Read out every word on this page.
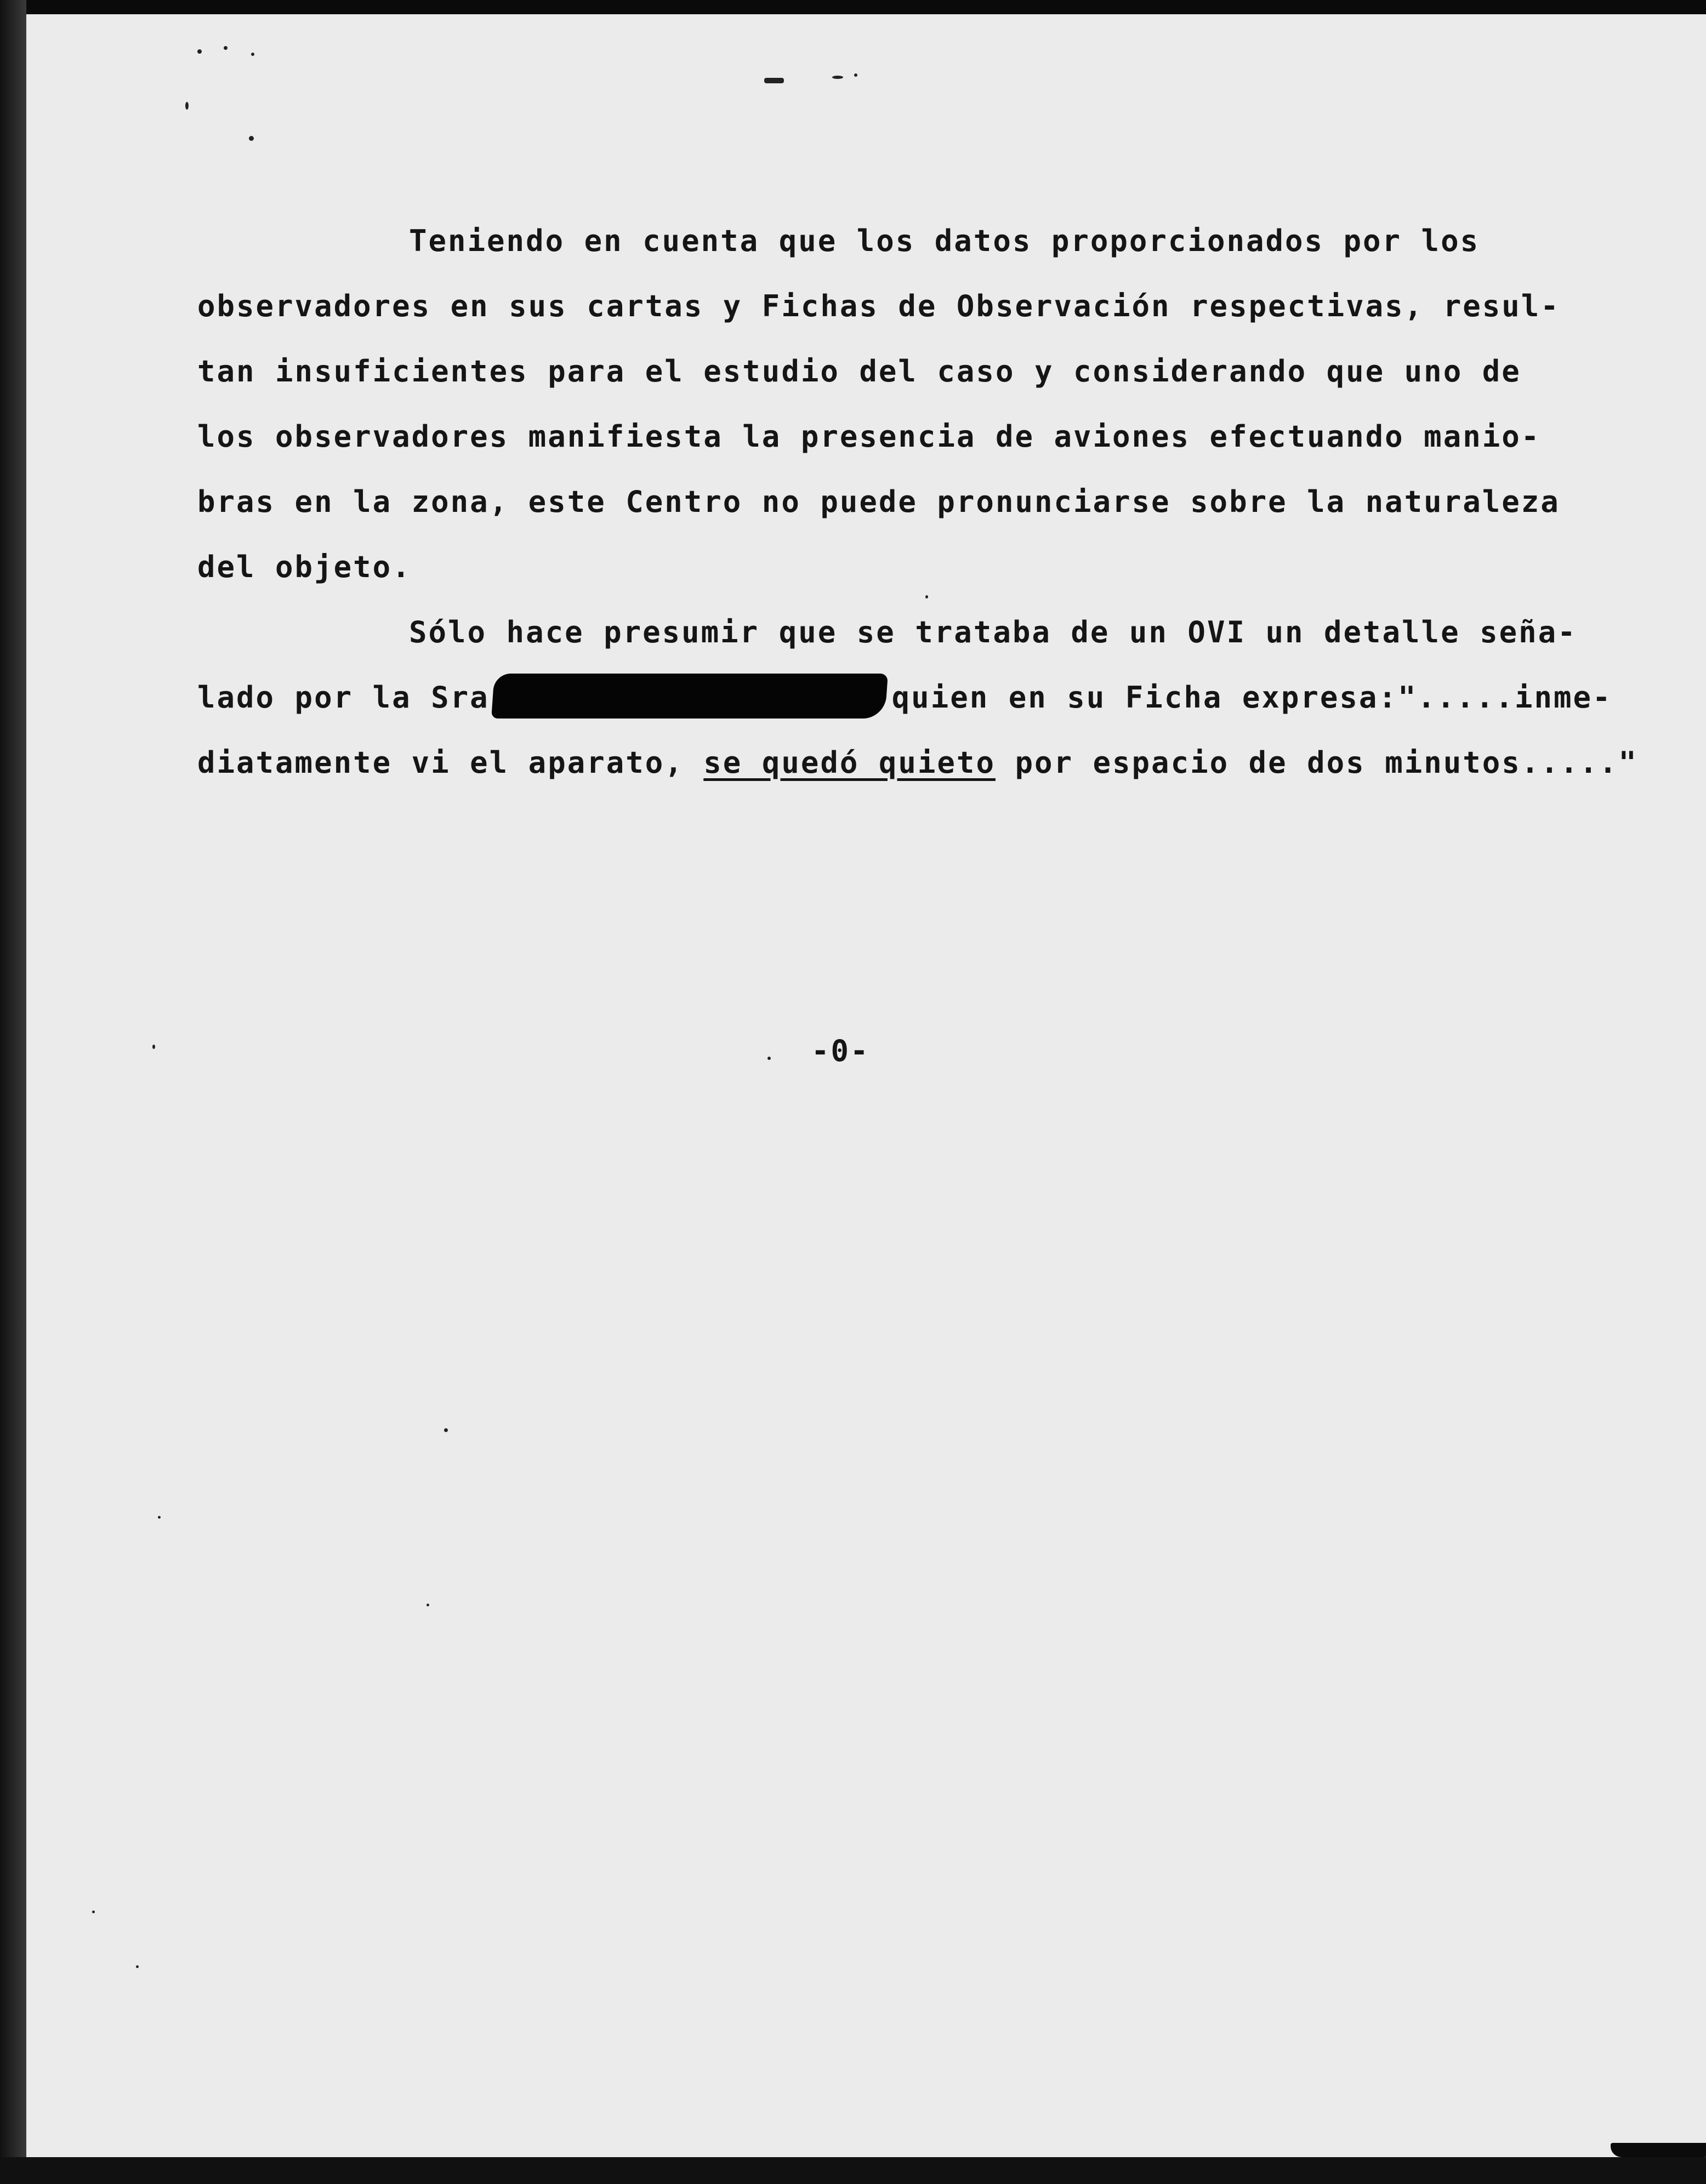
Teniendo en cuenta que los datos proporcionados por los
observadores en sus cartas y Fichas de Observación respectivas, resul-
tan insuficientes para el estudio del caso y considerando que uno de
los observadores manifiesta la presencia de aviones efectuando manio-
bras en la zona, este Centro no puede pronunciarse sobre la naturaleza
del objeto.

Sólo hace presumir que se trataba de un OVI un detalle seña-
lado por la Sra	quien en su Ficha expresa:".....inme-
diatamente vi el aparato, se quedó quieto por espacio de dos minutos....."

-0-
